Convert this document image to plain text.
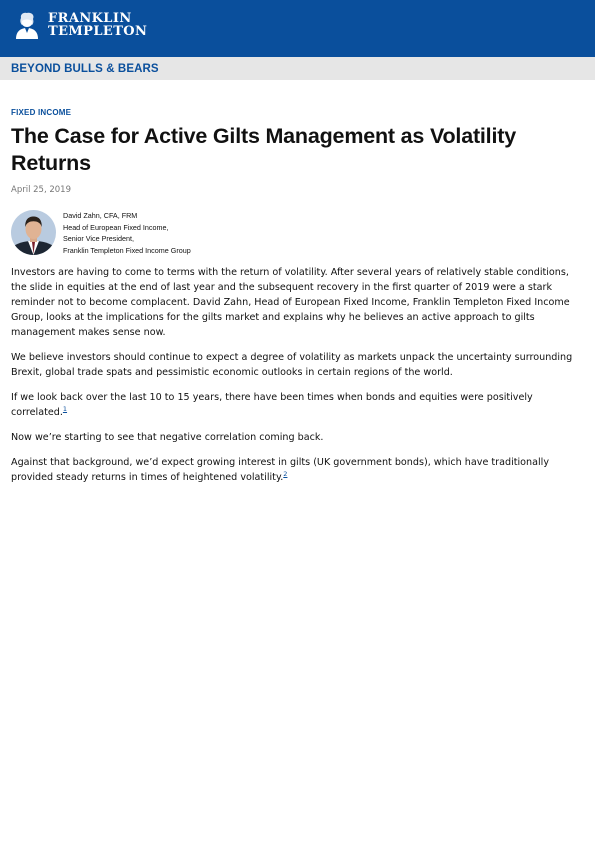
FRANKLIN
TEMPLETON
BEYOND BULLS & BEARS
FIXED INCOME
The Case for Active Gilts Management as Volatility Returns
April 25, 2019
David Zahn, CFA, FRM
Head of European Fixed Income,
Senior Vice President,
Franklin Templeton Fixed Income Group

Investors are having to come to terms with the return of volatility. After several years of relatively stable conditions, the slide in equities at the end of last year and the subsequent recovery in the first quarter of 2019 were a stark reminder not to become complacent. David Zahn, Head of European Fixed Income, Franklin Templeton Fixed Income Group, looks at the implications for the gilts market and explains why he believes an active approach to gilts management makes sense now.

We believe investors should continue to expect a degree of volatility as markets unpack the uncertainty surrounding Brexit, global trade spats and pessimistic economic outlooks in certain regions of the world.

If we look back over the last 10 to 15 years, there have been times when bonds and equities were positively correlated.$^1$

Now we’re starting to see that negative correlation coming back.

Against that background, we’d expect growing interest in gilts (UK government bonds), which have traditionally provided steady returns in times of heightened volatility.$^2$
